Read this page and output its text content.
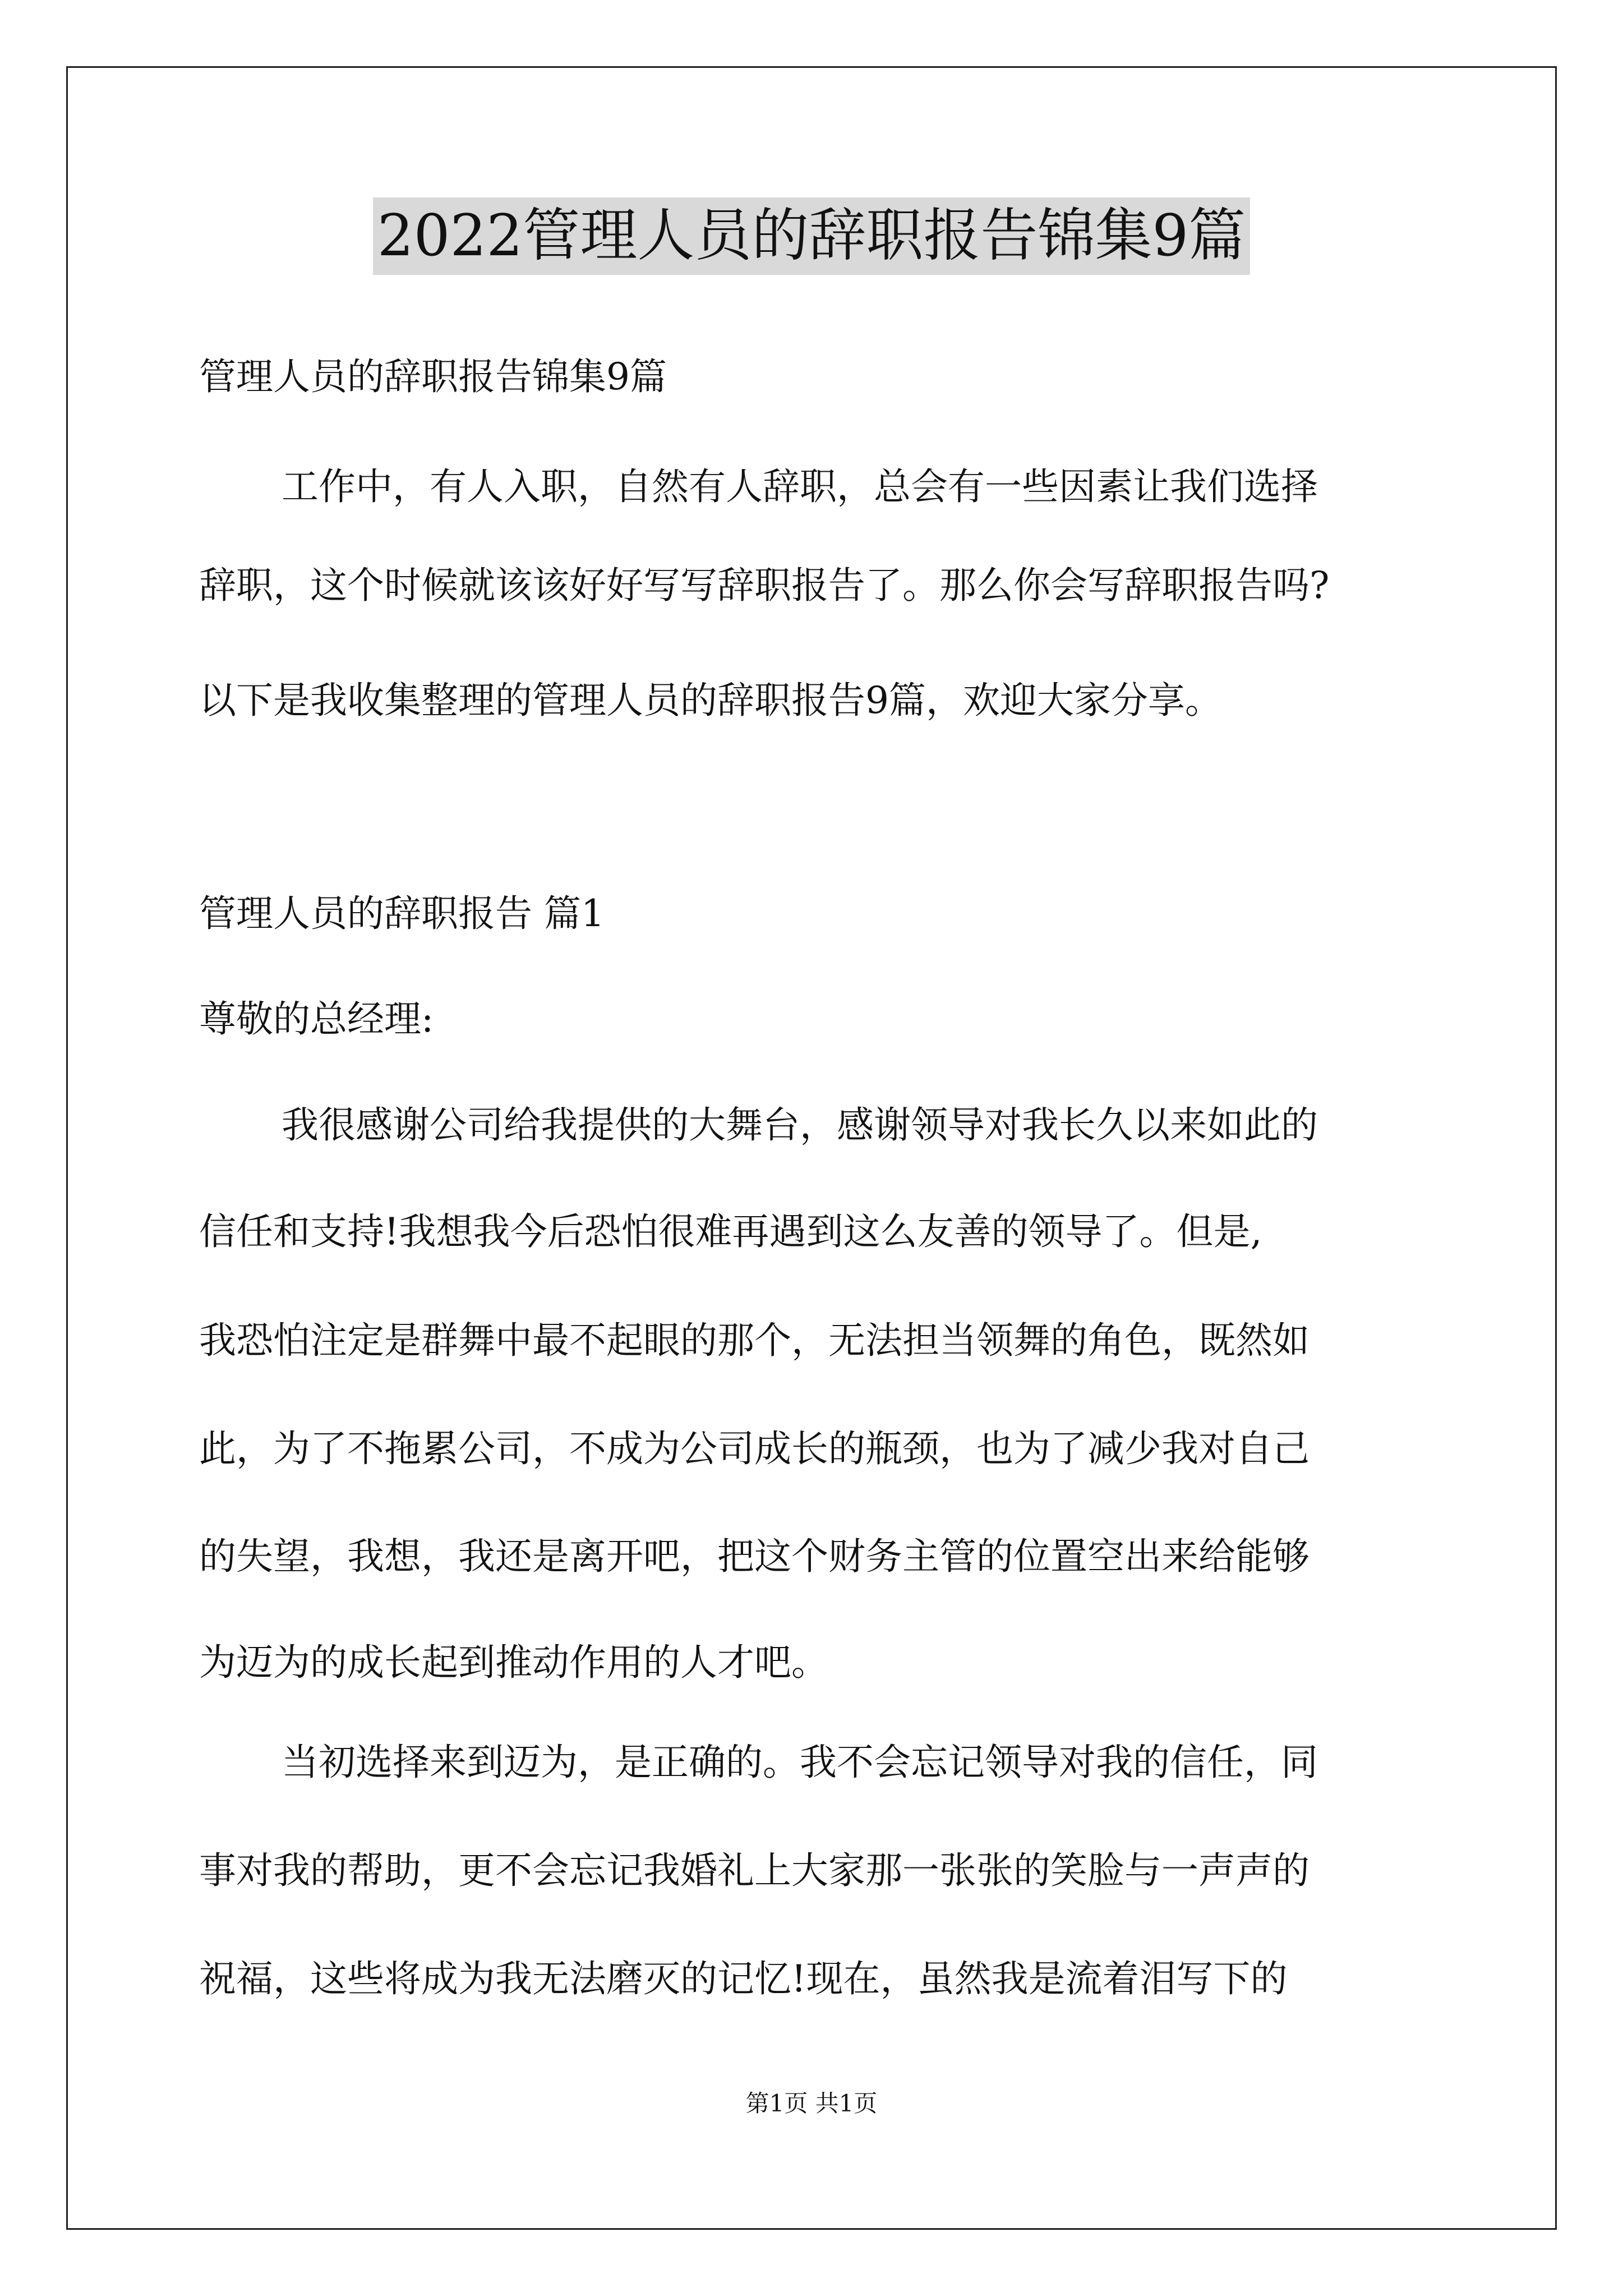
2022管理人员的辞职报告锦集9篇
管理人员的辞职报告锦集9篇
工作中，有人入职，自然有人辞职，总会有一些因素让我们选择
辞职，这个时候就该该好好写写辞职报告了。那么你会写辞职报告吗?
以下是我收集整理的管理人员的辞职报告9篇，欢迎大家分享。
管理人员的辞职报告 篇1
尊敬的总经理:
我很感谢公司给我提供的大舞台，感谢领导对我长久以来如此的
信任和支持!我想我今后恐怕很难再遇到这么友善的领导了。但是,
我恐怕注定是群舞中最不起眼的那个，无法担当领舞的角色，既然如
此，为了不拖累公司，不成为公司成长的瓶颈，也为了减少我对自己
的失望，我想，我还是离开吧，把这个财务主管的位置空出来给能够
为迈为的成长起到推动作用的人才吧。
当初选择来到迈为，是正确的。我不会忘记领导对我的信任，同
事对我的帮助，更不会忘记我婚礼上大家那一张张的笑脸与一声声的
祝福，这些将成为我无法磨灭的记忆!现在，虽然我是流着泪写下的
第1页 共1页
